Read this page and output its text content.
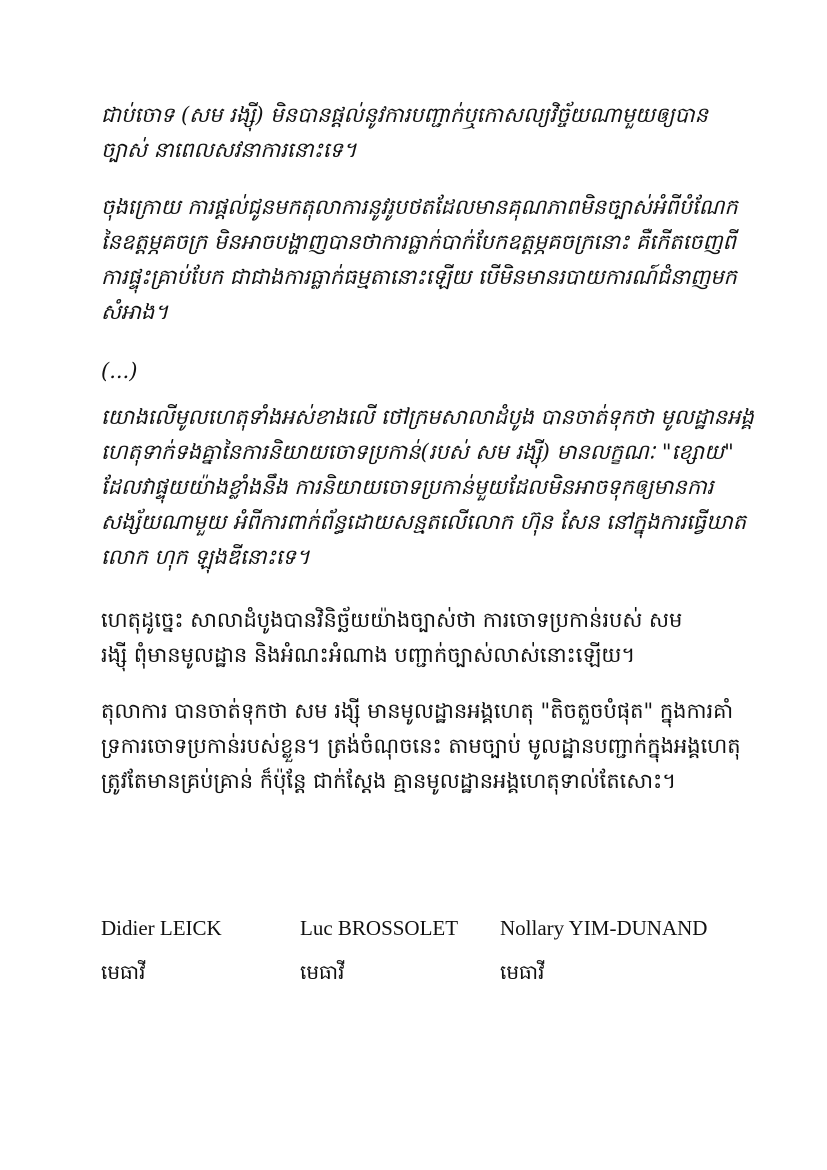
ជាប់ចោទ (សម រង្ស៊ី) មិនបានផ្ដល់នូវការបញ្ជាក់ឬកោសល្យវិច្ច័យណាមួយឲ្យបាន
ច្បាស់ នាពេលសវនាការនោះទេ។

ចុងក្រោយ ការផ្តល់ជូនមកតុលាការនូវរូបថតដែលមានគុណភាពមិនច្បាស់អំពីបំណែក
នៃឧត្តម្ភគចក្រ មិនអាចបង្ហាញបានថាការធ្លាក់បាក់បែកឧត្តម្ភគចក្រនោះ គឺកើតចេញពី
ការផ្ទុះគ្រាប់បែក ជាជាងការធ្លាក់ធម្មតានោះឡើយ បើមិនមានរបាយការណ៍ជំនាញមក
សំអាង។

(...)

យោងលើមូលហេតុទាំងអស់ខាងលើ ថៅក្រមសាលាដំបូង បានចាត់ទុកថា មូលដ្ឋានអង្គ
ហេតុទាក់ទងគ្នានៃការនិយាយចោទប្រកាន់(របស់ សម រង្ស៊ី) មានលក្ខណៈ "ខ្សោយ"
ដែលវាផ្ទុយយ៉ាងខ្លាំងនឹង ការនិយាយចោទប្រកាន់មួយដែលមិនអាចទុកឲ្យមានការ
សង្ស័យណាមួយ អំពីការពាក់ព័ន្ធដោយសន្មតលើលោក ហ៊ុន សែន នៅក្នុងការធ្វើឃាត
លោក ហុក ឡុងឌី​នោះទេ។

ហេតុដូច្នេះ សាលាដំបូងបានវិនិច្ឆ័យយ៉ាងច្បាស់ថា ការចោទប្រកាន់របស់ សម
រង្ស៊ី ពុំមានមូលដ្ឋាន និងអំណះអំណាង បញ្ជាក់ច្បាស់លាស់នោះឡើយ។

តុលាការ បានចាត់ទុកថា សម រង្ស៊ី មានមូលដ្ឋានអង្គហេតុ "តិចតួចបំផុត" ក្នុងការគាំ
ទ្រការចោទប្រកាន់របស់ខ្លួន។ ត្រង់ចំណុចនេះ តាមច្បាប់ មូលដ្ឋានបញ្ជាក់ក្នុងអង្គហេតុ
ត្រូវតែមានគ្រប់គ្រាន់ ក៏ប៉ុន្តែ ជាក់ស្តែង គ្មានមូលដ្ឋានអង្គហេតុទាល់តែសោះ។

Didier LEICK
មេធាវី
Luc BROSSOLET
មេធាវី
Nollary YIM-DUNAND
មេធាវី
